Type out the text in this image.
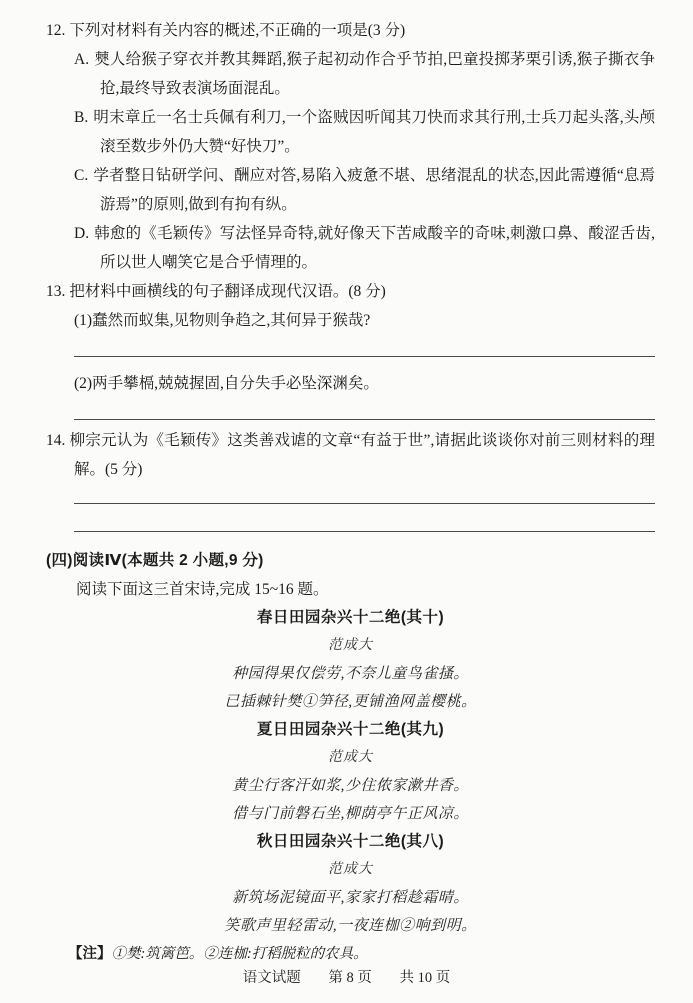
12. 下列对材料有关内容的概述,不正确的一项是(3 分)
A. 僰人给猴子穿衣并教其舞蹈,猴子起初动作合乎节拍,巴童投掷茅栗引诱,猴子撕衣争抢,最终导致表演场面混乱。
B. 明末章丘一名士兵佩有利刀,一个盗贼因听闻其刀快而求其行刑,士兵刀起头落,头颅滚至数步外仍大赞“好快刀”。
C. 学者整日钻研学问、酬应对答,易陷入疲惫不堪、思绪混乱的状态,因此需遵循“息焉游焉”的原则,做到有拘有纵。
D. 韩愈的《毛颖传》写法怪异奇特,就好像天下苦咸酸辛的奇味,刺激口鼻、酸涩舌齿,所以世人嘲笑它是合乎情理的。
13. 把材料中画横线的句子翻译成现代汉语。(8 分)
(1)蠢然而蚁集,见物则争趋之,其何异于猴哉?
(2)两手攀槅,兢兢握固,自分失手必坠深渊矣。
14. 柳宗元认为《毛颖传》这类善戏谑的文章“有益于世”,请据此谈谈你对前三则材料的理解。(5 分)
(四)阅读Ⅳ(本题共 2 小题,9 分)
阅读下面这三首宋诗,完成 15~16 题。
春日田园杂兴十二绝(其十)
范成大
种园得果仅偿劳,不奈儿童鸟雀搔。
已插棘针樊①笋径,更铺渔网盖樱桃。
夏日田园杂兴十二绝(其九)
范成大
黄尘行客汗如浆,少住侬家漱井香。
借与门前磐石坐,柳荫亭午正风凉。
秋日田园杂兴十二绝(其八)
范成大
新筑场泥镜面平,家家打稻趁霜晴。
笑歌声里轻雷动,一夜连枷②响到明。
【注】①樊:筑篱笆。②连枷:打稻脱粒的农具。
语文试题 第 8 页 共 10 页
